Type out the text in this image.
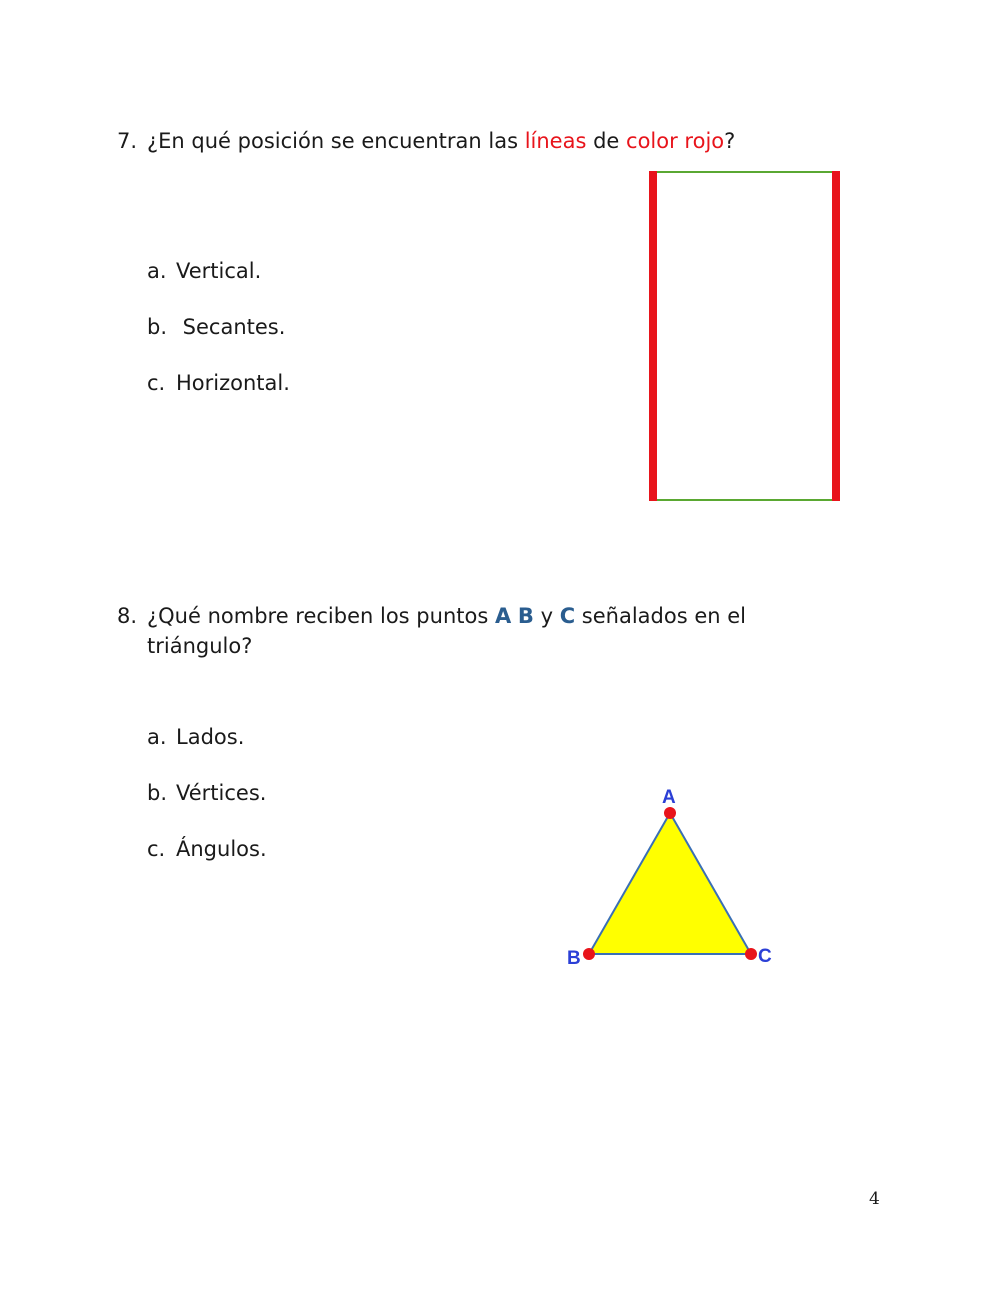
7. ¿En qué posición se encuentran las líneas de color rojo?
a. Vertical.
b. Secantes.
c. Horizontal.
8. ¿Qué nombre reciben los puntos A B y C señalados en el triángulo?
a. Lados.
b. Vértices.
c. Ángulos.
A
B	C
4
